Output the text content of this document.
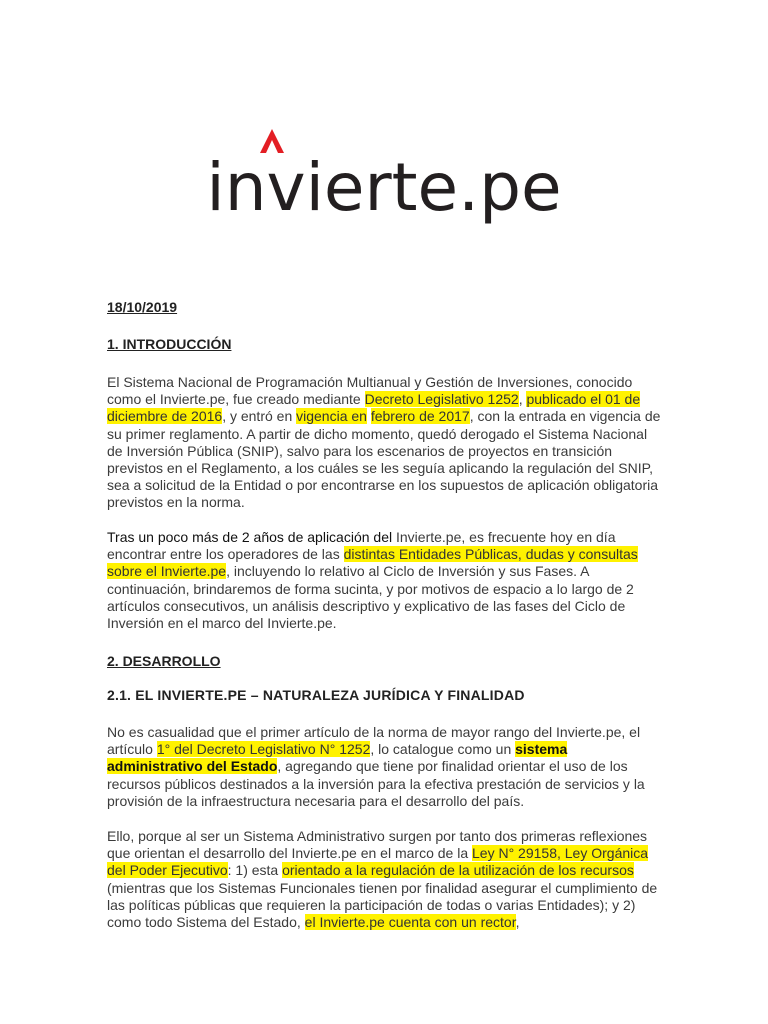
invierte.pe
18/10/2019
1. INTRODUCCIÓN
El Sistema Nacional de Programación Multianual y Gestión de Inversiones, conocido como el Invierte.pe, fue creado mediante Decreto Legislativo 1252, publicado el 01 de diciembre de 2016, y entró en vigencia en febrero de 2017, con la entrada en vigencia de su primer reglamento. A partir de dicho momento, quedó derogado el Sistema Nacional de Inversión Pública (SNIP), salvo para los escenarios de proyectos en transición previstos en el Reglamento, a los cuáles se les seguía aplicando la regulación del SNIP, sea a solicitud de la Entidad o por encontrarse en los supuestos de aplicación obligatoria previstos en la norma.
Tras un poco más de 2 años de aplicación del Invierte.pe, es frecuente hoy en día encontrar entre los operadores de las distintas Entidades Públicas, dudas y consultas sobre el Invierte.pe, incluyendo lo relativo al Ciclo de Inversión y sus Fases. A continuación, brindaremos de forma sucinta, y por motivos de espacio a lo largo de 2 artículos consecutivos, un análisis descriptivo y explicativo de las fases del Ciclo de Inversión en el marco del Invierte.pe.
2. DESARROLLO
2.1. EL INVIERTE.PE – NATURALEZA JURÍDICA Y FINALIDAD
No es casualidad que el primer artículo de la norma de mayor rango del Invierte.pe, el artículo 1° del Decreto Legislativo N° 1252, lo catalogue como un sistema administrativo del Estado, agregando que tiene por finalidad orientar el uso de los recursos públicos destinados a la inversión para la efectiva prestación de servicios y la provisión de la infraestructura necesaria para el desarrollo del país.
Ello, porque al ser un Sistema Administrativo surgen por tanto dos primeras reflexiones que orientan el desarrollo del Invierte.pe en el marco de la Ley N° 29158, Ley Orgánica del Poder Ejecutivo: 1) esta orientado a la regulación de la utilización de los recursos (mientras que los Sistemas Funcionales tienen por finalidad asegurar el cumplimiento de las políticas públicas que requieren la participación de todas o varias Entidades); y 2) como todo Sistema del Estado, el Invierte.pe cuenta con un rector,
